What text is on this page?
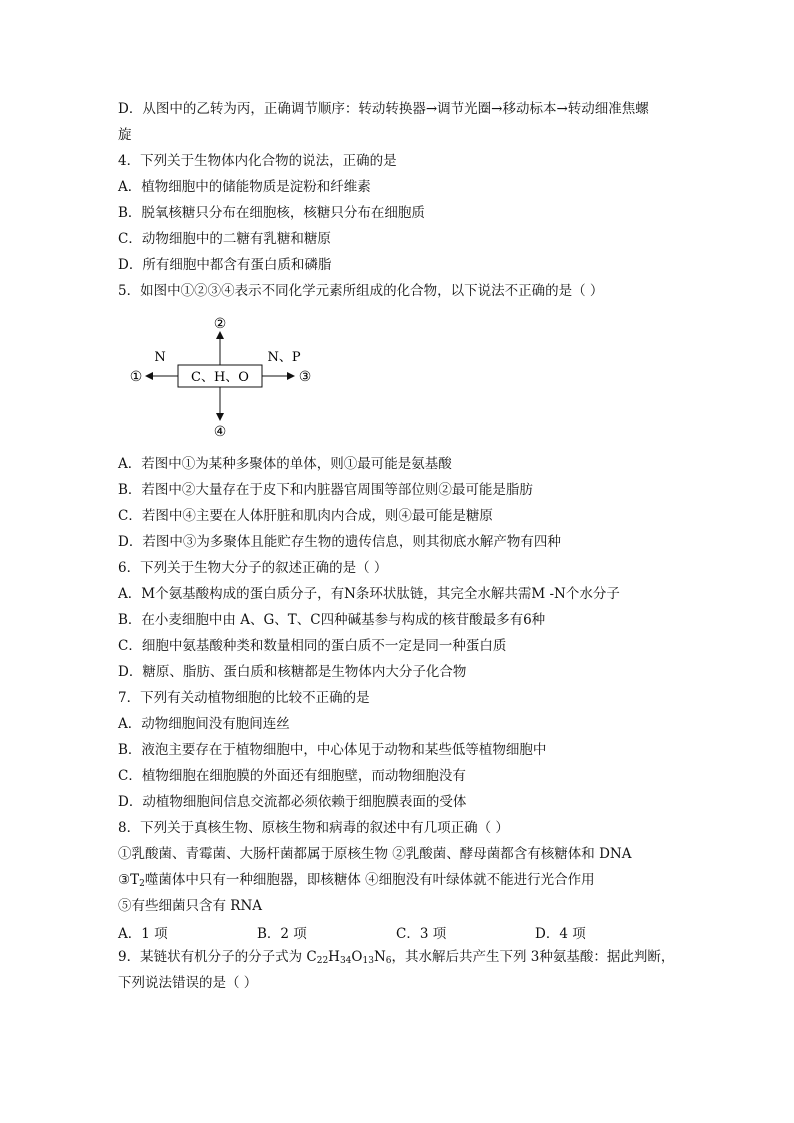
D．从图中的乙转为丙，正确调节顺序：转动转换器→调节光圈→移动标本→转动细准焦螺
旋
4．下列关于生物体内化合物的说法，正确的是
A．植物细胞中的储能物质是淀粉和纤维素
B．脱氧核糖只分布在细胞核，核糖只分布在细胞质
C．动物细胞中的二糖有乳糖和糖原
D．所有细胞中都含有蛋白质和磷脂
5．如图中①②③④表示不同化学元素所组成的化合物，以下说法不正确的是（ ）
C、H、O
②
④
①	③
N	N、P
A．若图中①为某种多聚体的单体，则①最可能是氨基酸
B．若图中②大量存在于皮下和内脏器官周围等部位则②最可能是脂肪
C．若图中④主要在人体肝脏和肌肉内合成，则④最可能是糖原
D．若图中③为多聚体且能贮存生物的遗传信息，则其彻底水解产物有四种
6．下列关于生物大分子的叙述正确的是（ ）
A．M个氨基酸构成的蛋白质分子，有N条环状肽链，其完全水解共需M -N个水分子
B．在小麦细胞中由 A、G、T、C四种碱基参与构成的核苷酸最多有6种
C．细胞中氨基酸种类和数量相同的蛋白质不一定是同一种蛋白质
D．糖原、脂肪、蛋白质和核糖都是生物体内大分子化合物
7．下列有关动植物细胞的比较不正确的是
A．动物细胞间没有胞间连丝
B．液泡主要存在于植物细胞中，中心体见于动物和某些低等植物细胞中
C．植物细胞在细胞膜的外面还有细胞壁，而动物细胞没有
D．动植物细胞间信息交流都必须依赖于细胞膜表面的受体
8．下列关于真核生物、原核生物和病毒的叙述中有几项正确（ ）
①乳酸菌、青霉菌、大肠杆菌都属于原核生物 ②乳酸菌、酵母菌都含有核糖体和 DNA
$③T_2$噬菌体中只有一种细胞器，即核糖体 ④细胞没有叶绿体就不能进行光合作用
⑤有些细菌只含有 RNA
A．1 项	B．2 项	C．3 项	D．4 项
9．某链状有机分子的分子式为 $C_{22}H_{34}O_{13}N_6$，其水解后共产生下列 3种氨基酸：据此判断，
下列说法错误的是（ ）
